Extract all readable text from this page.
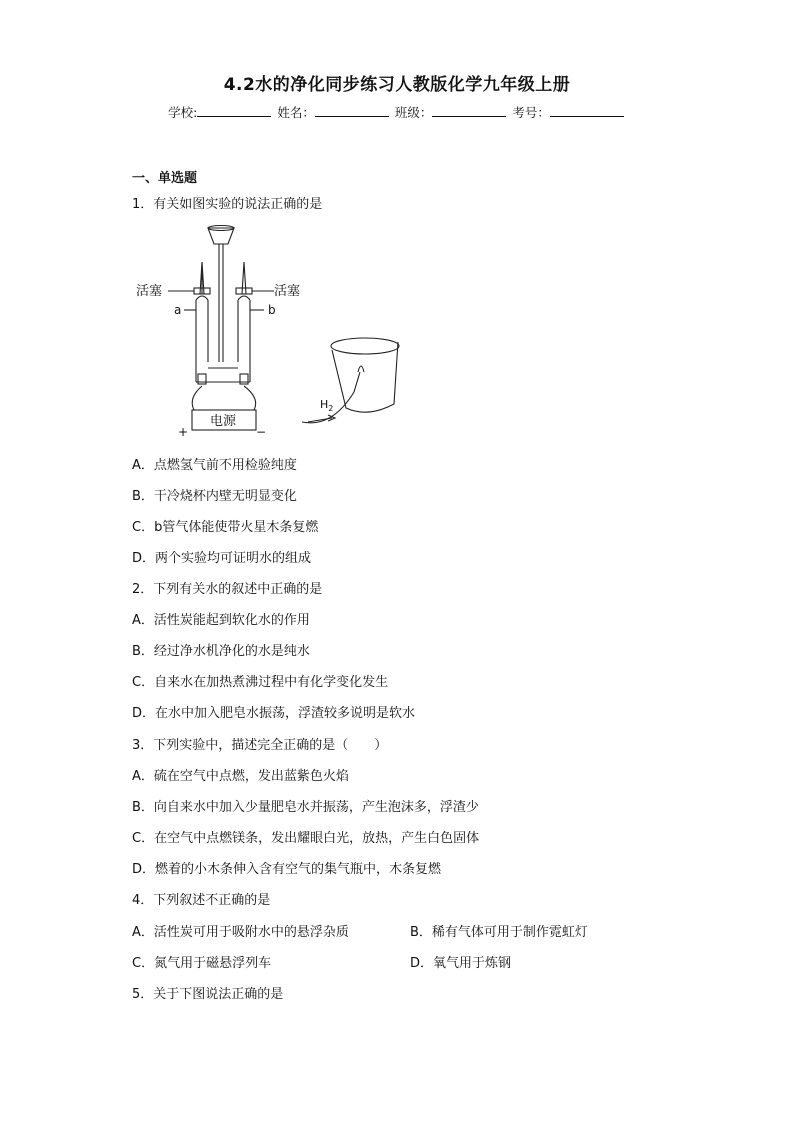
4.2水的净化同步练习人教版化学九年级上册
学校:	姓名：	班级：	考号：
一、单选题
1．有关如图实验的说法正确的是
活塞	活塞
a	b
电源
+	−
$H_2$
A．点燃氢气前不用检验纯度
B．干冷烧杯内壁无明显变化
C．b管气体能使带火星木条复燃
D．两个实验均可证明水的组成
2．下列有关水的叙述中正确的是
A．活性炭能起到软化水的作用
B．经过净水机净化的水是纯水
C．自来水在加热煮沸过程中有化学变化发生
D．在水中加入肥皂水振荡，浮渣较多说明是软水
3．下列实验中，描述完全正确的是（　　）
A．硫在空气中点燃，发出蓝紫色火焰
B．向自来水中加入少量肥皂水并振荡，产生泡沫多，浮渣少
C．在空气中点燃镁条，发出耀眼白光，放热，产生白色固体
D．燃着的小木条伸入含有空气的集气瓶中，木条复燃
4．下列叙述不正确的是
A．活性炭可用于吸附水中的悬浮杂质	B．稀有气体可用于制作霓虹灯
C．氮气用于磁悬浮列车	D．氧气用于炼钢
5．关于下图说法正确的是
